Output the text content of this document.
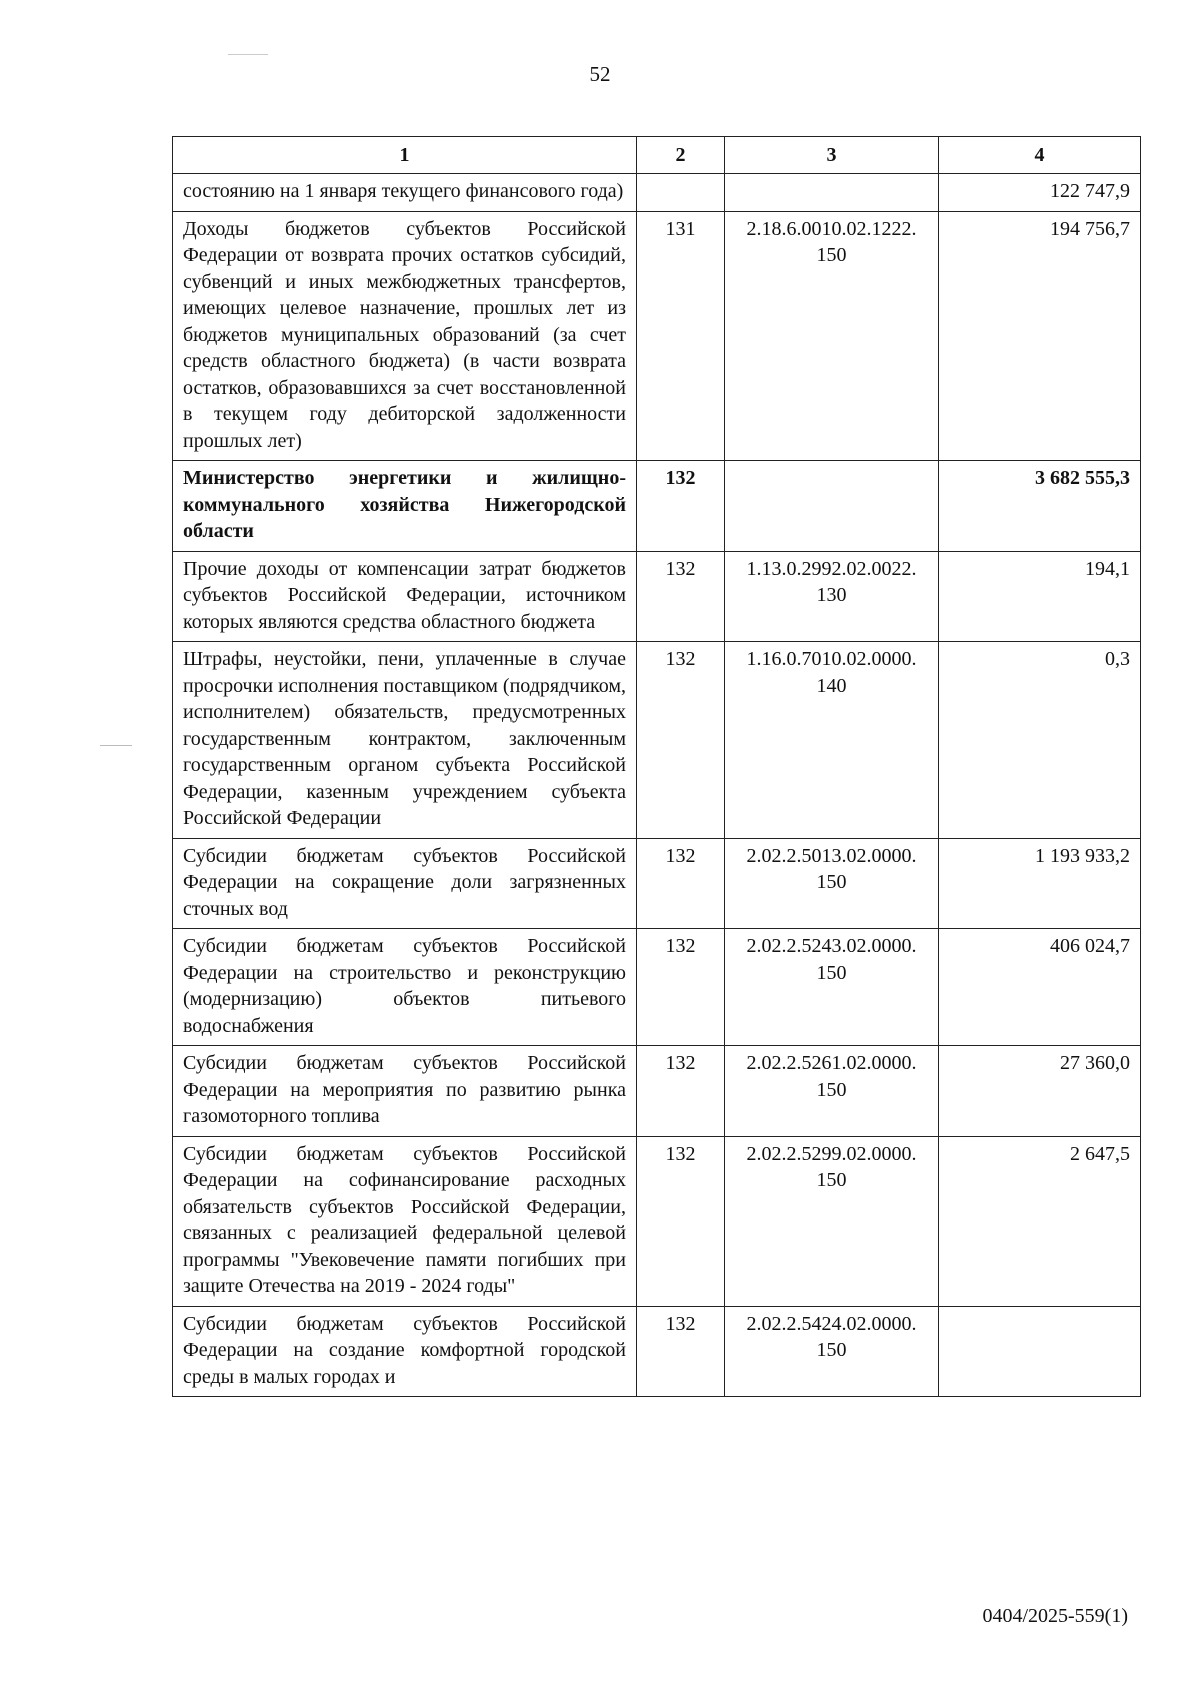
52
1	2	3	4
состоянию на 1 января текущего финансового года)			122 747,9
Доходы бюджетов субъектов Российской Федерации от возврата прочих остатков субсидий, субвенций и иных межбюджетных трансфертов, имеющих целевое назначение, прошлых лет из бюджетов муниципальных образований (за счет средств областного бюджета) (в части возврата остатков, образовавшихся за счет восстановленной в текущем году дебиторской задолженности прошлых лет)	131	2.18.6.0010.02.1222. 150	194 756,7
Министерство энергетики и жилищно-коммунального хозяйства Нижегородской области	132		3 682 555,3
Прочие доходы от компенсации затрат бюджетов субъектов Российской Федерации, источником которых являются средства областного бюджета	132	1.13.0.2992.02.0022. 130	194,1
Штрафы, неустойки, пени, уплаченные в случае просрочки исполнения поставщиком (подрядчиком, исполнителем) обязательств, предусмотренных государственным контрактом, заключенным государственным органом субъекта Российской Федерации, казенным учреждением субъекта Российской Федерации	132	1.16.0.7010.02.0000. 140	0,3
Субсидии бюджетам субъектов Российской Федерации на сокращение доли загрязненных сточных вод	132	2.02.2.5013.02.0000. 150	1 193 933,2
Субсидии бюджетам субъектов Российской Федерации на строительство и реконструкцию (модернизацию) объектов питьевого водоснабжения	132	2.02.2.5243.02.0000. 150	406 024,7
Субсидии бюджетам субъектов Российской Федерации на мероприятия по развитию рынка газомоторного топлива	132	2.02.2.5261.02.0000. 150	27 360,0
Субсидии бюджетам субъектов Российской Федерации на софинансирование расходных обязательств субъектов Российской Федерации, связанных с реализацией федеральной целевой программы "Увековечение памяти погибших при защите Отечества на 2019 - 2024 годы"	132	2.02.2.5299.02.0000. 150	2 647,5
Субсидии бюджетам субъектов Российской Федерации на создание комфортной городской среды в малых городах и	132	2.02.2.5424.02.0000. 150	
0404/2025-559(1)
